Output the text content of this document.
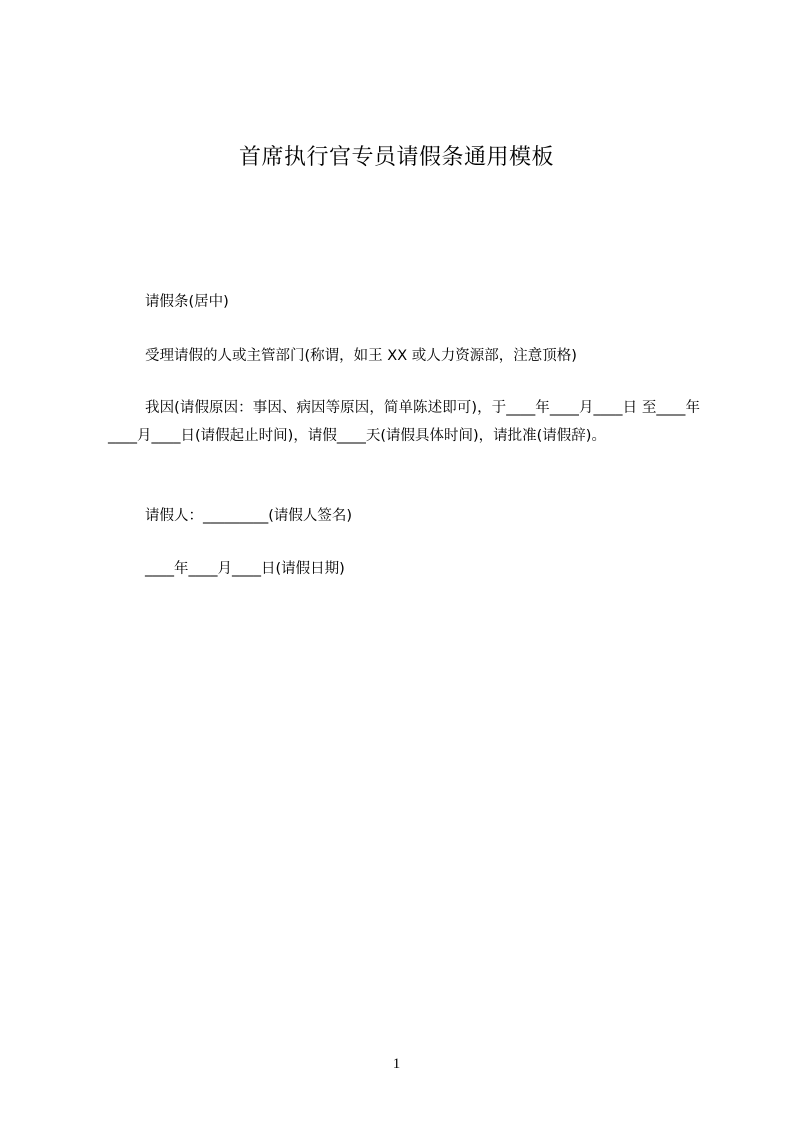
首席执行官专员请假条通用模板
请假条(居中)
受理请假的人或主管部门(称谓，如王 XX 或人力资源部，注意顶格)
我因(请假原因：事因、病因等原因，简单陈述即可)，于____年____月____日 至____年____月____日(请假起止时间)，请假____天(请假具体时间)，请批准(请假辞)。
请假人：_________(请假人签名)
____年____月____日(请假日期)
1
